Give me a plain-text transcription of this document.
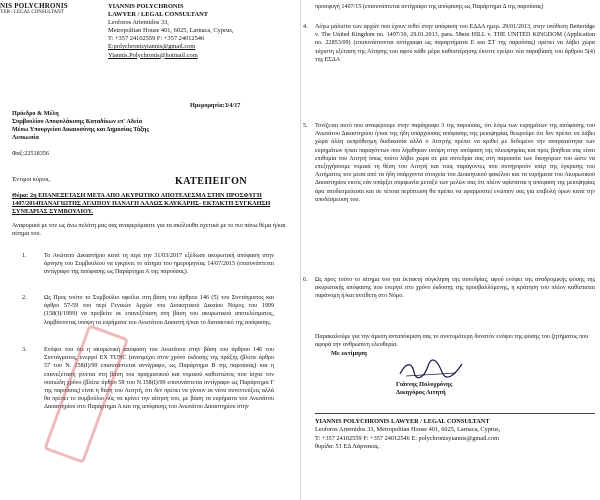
NIS POLYCHRONIS
YER / LEGAL CONSULTANT
YIANNIS POLYCHRONIS
LAWYER / LEGAL CONSULTANT
Leoforos Artemidos 33,
Metropolitan House 401, 6025, Larnaca, Cyprus,
T: +357 24102559 F: +357 24012546
E:polychronisyiannis@gmail.com
Yiannis.Polychronis@hotmail.com
Ημερομηνία:3/4/17
Πρόεδρο & Μέλη
Συμβουλίου Αποφυλάκισης Καταδίκων επ' Αδεία
Μέσω Υπουργείου Δικαιοσύνης και Δημοσίας Τάξης
Λευκωσία
Φαξ:22518356
Έντιμοι κύριοι,	ΚΑΤΕΠΕΙΓΟΝ
Θέμα: 2η ΕΠΑΝΕΞΕΤΑΣΗ ΜΕΤΑ ΑΠΟ ΑΚΥΡΩΤΙΚΟ ΑΠΟΤΕΛΕΣΜΑ ΣΤΗΝ ΠΡΟΣΦΥΓΗ 1407/2014ΠΑΝΑΓΙΩΤΗΣ ΑΓΑΠΙΟΥ ΠΑΝΑΓΗ ΑΛΛΩΣ ΚΑΥΚΑΡΗΣ- ΕΚΤΑΚΤΗ ΣΥΓΚΛΗΣΗ ΣΥΝΕΔΡΙΑΣ ΣΥΜΒΟΥΛΙΟΥ.
Αναφορικά με τον ως άνω πελάτη μας σας αναφερόμαστε για τα ακόλουθα σχετικά με το πιο πάνω θέμα ή/και αίτημα του.
1.	Το Ανώτατο Δικαστήριο κατά τη περί την 31/03/2017 εξέδωσε ακυρωτική απόφαση στην άρνηση του Συμβουλίου να εγκρίνει το αίτημα του ημερομηνίας 14/07/2015 (επισυνάπτεται αντίγραφο της απόφασης ως Παράρτημα Α της παρούσας).
2.	Ως Προς τούτο το Συμβούλιο οφείλει στη βάση του άρθρου 146 (5) του Συντάγματος και άρθρο 57-59 του περί Γενικών Αρχών του Διοικητικού Δικαίου Νόμος του 1999 (158(Ι)/1999) να προβείτε σε επανεξέταση στη βάση του ακυρωτικού αποτελέσματος, λαμβάνοντας υπόψη τα ευρήματα του Ανωτάτου Δικαστή ή/και το διατακτικό της απόφασης.
3.	Ενόψει του ότι η ακυρωτική απόφαση του Ανωτάτου στην βάση του άρθρου 146 του Συντάγματος, ενεργεί ΕΧ TUNC (ανατρέχει στον χρόνο έκδοσης της πράξης (βλέπε άρθρο 57 του Ν. 158(Ι)/99 επισυνάπτεται αντίγραφο, ως Παράρτημα Β της παρούσας) και η επανεξέταση γίνεται στη βάση του πραγματικού και νομικού καθεστώτος που ίσχυε τον ουσιώδη χρόνο (βλέπε άρθρο 58 του Ν.158(Ι)/99 επισυνάπτεται αντίγραφο ως Παράρτημα Γ της παρούσας) είναι η θέση του Αιτητή, ότι δεν πρέπει να γίνουν εκ νέου συνεντεύξεις αλλά θα πρέπει το συμβούλιο ούς να κρίνει την αίτηση του, με βάση τα ευρήματα του Ανωτάτου Δικαστηρίου στο Παράρτημα Α και της απόφασης του Ανωτάτου Δικαστηρίου στην
προσφυγή 1407/15 (επισυνάπτεται αντίγραφο της απόφασης ως Παράρτημα Δ της παρούσας)
4. Λόγω μάλιστα των αρχών που έχουν τεθεί στην απόφαση του ΕΔΔΑ ημερ. 29/01/2013, στην υπόθεση Betteridge v. The United Kingdom no. 1497/10, 29.01.2013, para. 58και HILL v. THE UNITED KINGDOM (Application no. 22853/09) (επισυνάπτονται αντίγραφα ως παραρτήματα Ε και ΣΤ της παρούσας) πρέπει να λάβει χώρα τάχιστη εξέταση της Αίτησης του αφού κάθε μέρα καθυστέρησης έκτοτε εγείρει νέα παραβίαση του άρθρου 5(4) της ΕΣΔΑ
5. Τονίζεται αυτό που αναφέρουμε στην παράγραφο 3 της παρούσας, ότι λόγω των ευρημάτων της απόφασης του Ανωτάτου Δικαστηρίου ή/και της ήδη υπάρχουσας απόφασης της μειοψηφίας θεωρούμε ότι δεν πρέπει να λάβει χώρα άλλη εκπρόθεσμη διαδικασία αλλά ο Αιτητής πρέπει να κριθεί με δεδομένο την αναγκαιότητα των ευρημάτων ή/και παραγόντων που λήφθηκαν υπόψη στην απόφαση της πλειοψηφίας και προς βοήθεια σας είναι επιθυμία του Αιτητή όπως τούτο λάβει χώρα σε μια συνεδρία σας στη παρουσία των δικηγόρων του ώστε να επεξηγήσουμε νομικά τη θέση του Αιτητή και τους παράγοντες που συνηγορούν υπέρ της έγκρισης του Αιτήματος του μέσα από τα ήδη υπάρχοντα στοιχεία του Διοικητικού φακέλου και τα ευρήματα του Ακυρωτικού Δικαστηρίου εκτός εάν υπάρξει συμφωνία μεταξύ των μελών σας ότι πλέον υφίσταται η απόφαση της μειοψηφίας άρα αποδεσμεύεσαι και σε τέτοια περίπτωση θα πρέπει να εφαρμοστεί ενώπιον σας για επιβολή όρων κατά την αποδέσμευση του.
6. Ως προς τούτο το αίτημα του για έκτακτη σύγκληση της συνεδρίας, αφού ενόψει της αναδρομικής φύσης της ακυρωτικής απόφασης που ενεργεί στο χρόνο έκδοσης της προσβαλλόμενης, η κράτηση του πλέον καθίσταται παράνομη ή/και αντίθετη στο Νόμο.
Παρακαλούμε για την άμεση ανταπόκριση σας το συντομότερη δυνατόν ενόψει της φύσης του ζητήματος που αφορά την ανθρώπινη ελευθερία.
Με εκτίμηση
Γιάννης Πολυχρόνης
Δικηγόρος Αιτητή
YIANNIS POLYCHRONIS LAWYER / LEGAL CONSULTANT
Leoforos Artemidos 33, Metropolitan House 401, 6025, Larnaca, Cyprus,
T: +357 24102559 F: +357 24012546 E: polychronisyiannis@gmail.com
θυρίδα: 51 ΕΔ Λάρνακας.
